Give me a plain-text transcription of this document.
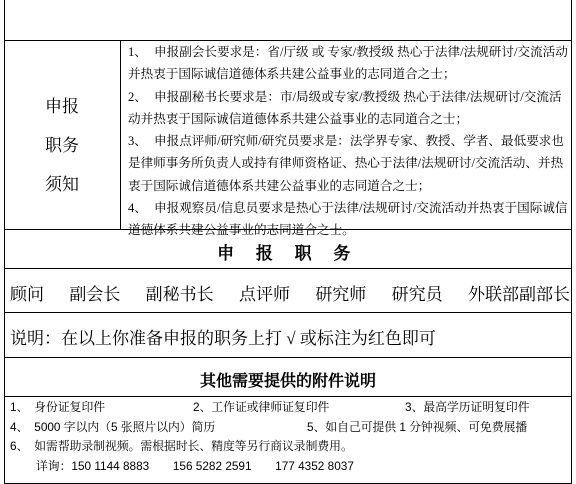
申报
职务
须知

1、 申报副会长要求是：省/厅级 或 专家/教授级 热心于法律/法规研讨/交流活动并热衷于国际诚信道德体系共建公益事业的志同道合之士；

2、 申报副秘书长要求是：市/局级或专家/教授级 热心于法律/法规研讨/交流活动并热衷于国际诚信道德体系共建公益事业的志同道合之士；

3、 申报点评师/研究师/研究员要求是：法学界专家、教授、学者、最低要求也是律师事务所负责人或持有律师资格证、热心于法律/法规研讨/交流活动、并热衷于国际诚信道德体系共建公益事业的志同道合之士；

4、 申报观察员/信息员要求是热心于法律/法规研讨/交流活动并热衷于国际诚信道德体系共建公益事业的志同道合之士。

申 报 职 务
顾问 副会长 副秘书长 点评师 研究师 研究员 外联部副部长
说明：在以上你准备申报的职务上打 √ 或标注为红色即可
其他需要提供的附件说明
1、　身份证复印件	2、工作证或律师证复印件	3、最高学历证明复印件
4、　5000 字以内（5 张照片以内）简历	5、如自己可提供 1 分钟视频、可免费展播
6、　如需帮助录制视频。需根据时长、精度等另行商议录制费用。
详询：150 1144 8883　　156 5282 2591　　177 4352 8037
